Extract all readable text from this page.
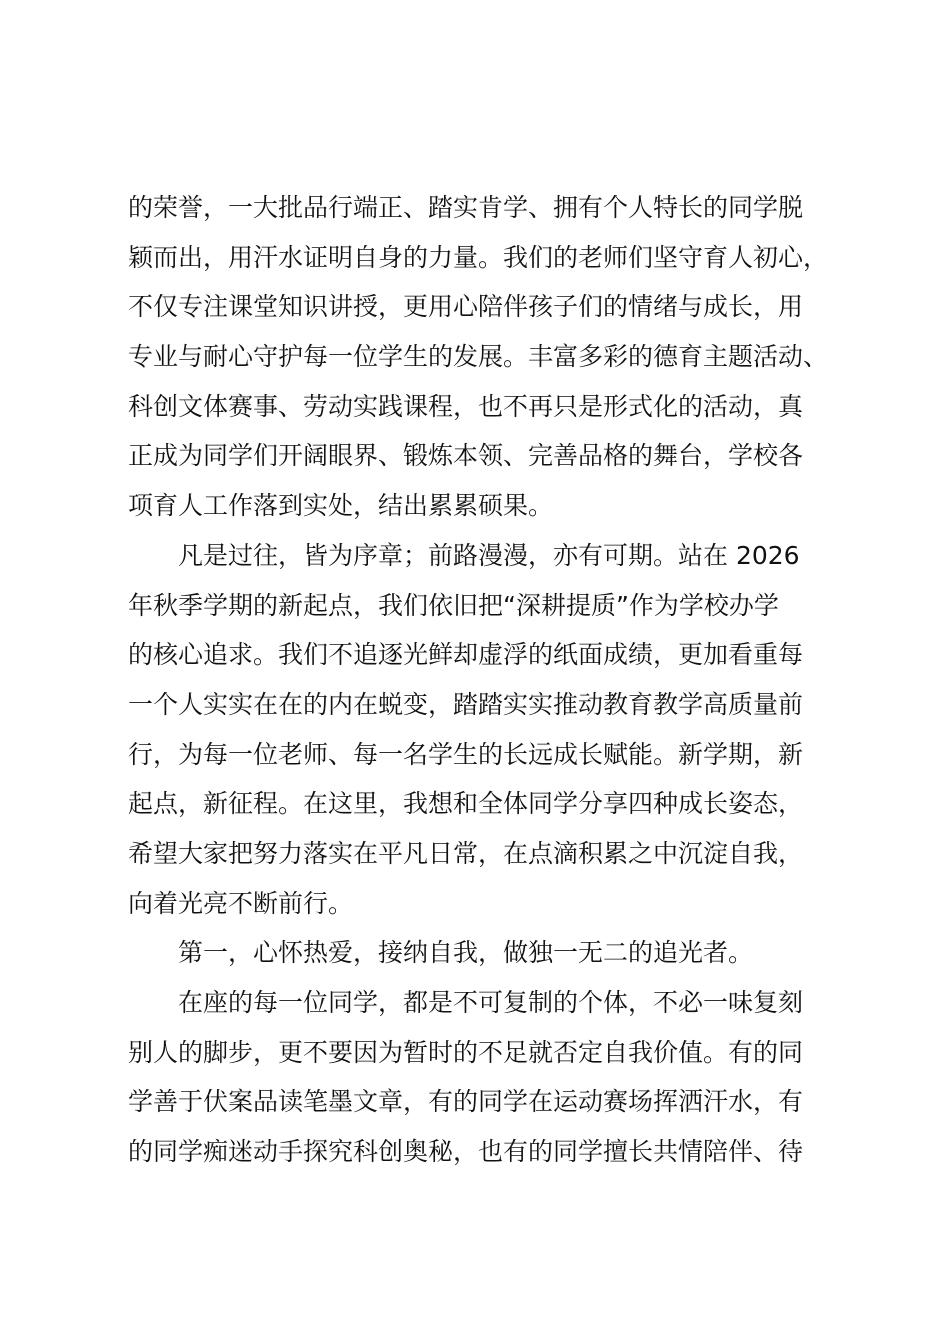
的荣誉，一大批品行端正、踏实肯学、拥有个人特长的同学脱
颖而出，用汗水证明自身的力量。我们的老师们坚守育人初心，
不仅专注课堂知识讲授，更用心陪伴孩子们的情绪与成长，用
专业与耐心守护每一位学生的发展。丰富多彩的德育主题活动、
科创文体赛事、劳动实践课程，也不再只是形式化的活动，真
正成为同学们开阔眼界、锻炼本领、完善品格的舞台，学校各
项育人工作落到实处，结出累累硕果。
凡是过往，皆为序章；前路漫漫，亦有可期。站在 2026
年秋季学期的新起点，我们依旧把“深耕提质”作为学校办学
的核心追求。我们不追逐光鲜却虚浮的纸面成绩，更加看重每
一个人实实在在的内在蜕变，踏踏实实推动教育教学高质量前
行，为每一位老师、每一名学生的长远成长赋能。新学期，新
起点，新征程。在这里，我想和全体同学分享四种成长姿态，
希望大家把努力落实在平凡日常，在点滴积累之中沉淀自我，
向着光亮不断前行。
第一，心怀热爱，接纳自我，做独一无二的追光者。
在座的每一位同学，都是不可复制的个体，不必一味复刻
别人的脚步，更不要因为暂时的不足就否定自我价值。有的同
学善于伏案品读笔墨文章，有的同学在运动赛场挥洒汗水，有
的同学痴迷动手探究科创奥秘，也有的同学擅长共情陪伴、待
